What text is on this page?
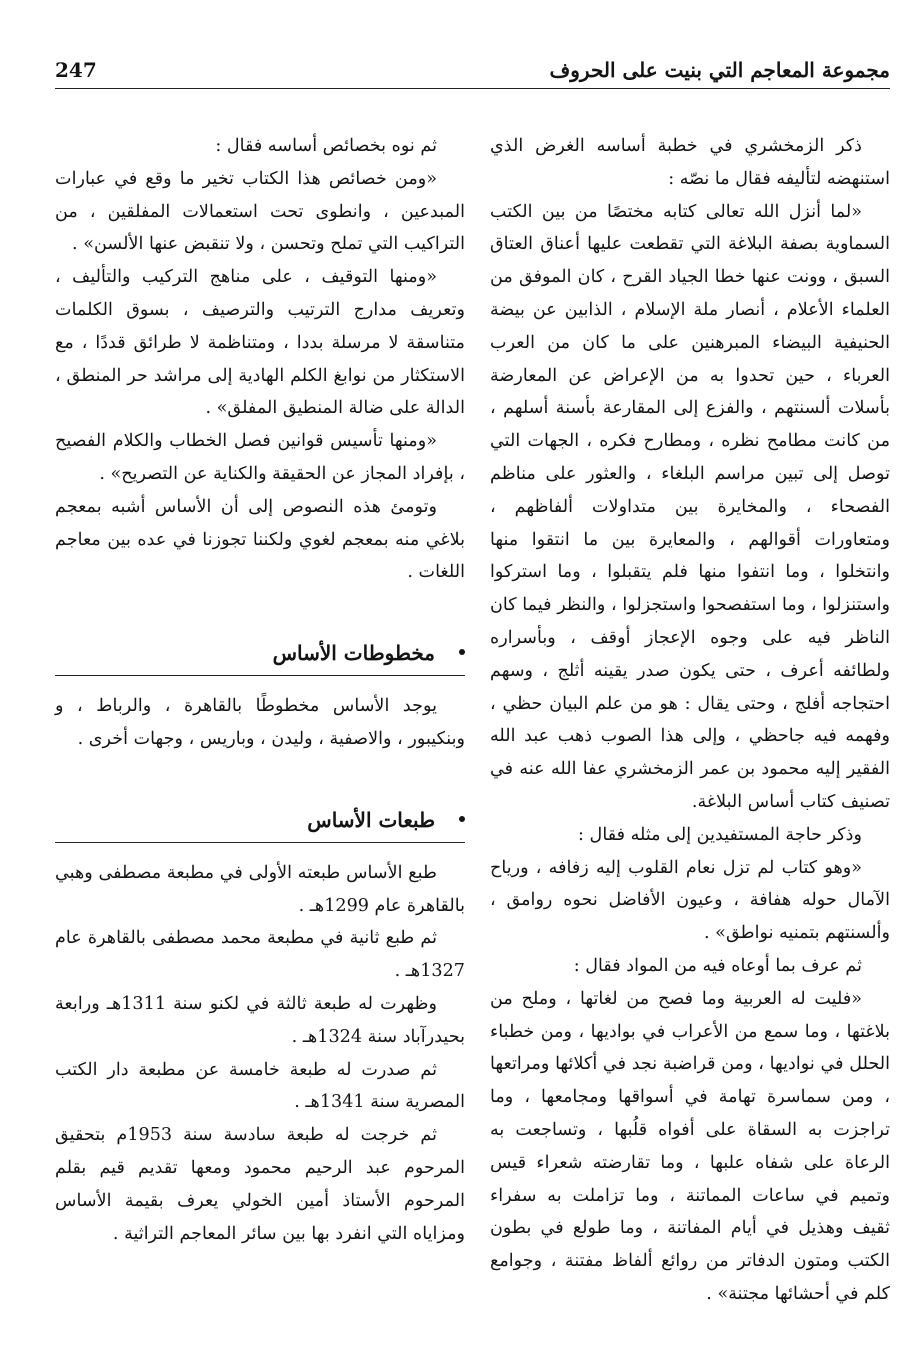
مجموعة المعاجم التي بنيت على الحروف
247

ذكر الزمخشري في خطبة أساسه الغرض الذي استنهضه لتأليفه فقال ما نصّه :

«لما أنزل الله تعالى كتابه مختصًا من بين الكتب السماوية بصفة البلاغة التي تقطعت عليها أعناق العتاق السبق ، وونت عنها خطا الجياد القرح ، كان الموفق من العلماء الأعلام ، أنصار ملة الإسلام ، الذابين عن بيضة الحنيفية البيضاء المبرهنين على ما كان من العرب العرباء ، حين تحدوا به من الإعراض عن المعارضة بأسلات ألسنتهم ، والفزع إلى المقارعة بأسنة أسلهم ، من كانت مطامح نظره ، ومطارح فكره ، الجهات التي توصل إلى تبين مراسم البلغاء ، والعثور على مناظم الفصحاء ، والمخايرة بين متداولات ألفاظهم ، ومتعاورات أقوالهم ، والمعايرة بين ما انتقوا منها وانتخلوا ، وما انتفوا منها فلم يتقبلوا ، وما استركوا واستنزلوا ، وما استفصحوا واستجزلوا ، والنظر فيما كان الناظر فيه على وجوه الإعجاز أوقف ، وبأسراره ولطائفه أعرف ، حتى يكون صدر يقينه أثلج ، وسهم احتجاجه أفلج ، وحتى يقال : هو من علم البيان حظي ، وفهمه فيه جاحظي ، وإلى هذا الصوب ذهب عبد الله الفقير إليه محمود بن عمر الزمخشري عفا الله عنه في تصنيف كتاب أساس البلاغة.

وذكر حاجة المستفيدين إلى مثله فقال :

«وهو كتاب لم تزل نعام القلوب إليه زفافه ، ورياح الآمال حوله هفافة ، وعيون الأفاضل نحوه روامق ، وألسنتهم بتمنيه نواطق» .

ثم عرف بما أوعاه فيه من المواد فقال :

«فليت له العربية وما فصح من لغاتها ، وملح من بلاغتها ، وما سمع من الأعراب في بواديها ، ومن خطباء الحلل في نواديها ، ومن قراضبة نجد في أكلائها ومراتعها ، ومن سماسرة تهامة في أسواقها ومجامعها ، وما تراجزت به السقاة على أفواه قلُبها ، وتساجعت به الرعاة على شفاه علبها ، وما تقارضته شعراء قيس وتميم في ساعات المماتنة ، وما تزاملت به سفراء ثقيف وهذيل في أيام المفاتنة ، وما طولع في بطون الكتب ومتون الدفاتر من روائع ألفاظ مفتنة ، وجوامع كلم في أحشائها مجتنة» .

ثم نوه بخصائص أساسه فقال :

«ومن خصائص هذا الكتاب تخير ما وقع في عبارات المبدعين ، وانطوى تحت استعمالات المفلقين ، من التراكيب التي تملح وتحسن ، ولا تنقبض عنها الألسن» .

«ومنها التوقيف ، على مناهج التركيب والتأليف ، وتعريف مدارج الترتيب والترصيف ، بسوق الكلمات متناسقة لا مرسلة بددا ، ومتناظمة لا طرائق قددًا ، مع الاستكثار من نوابغ الكلم الهادية إلى مراشد حر المنطق ، الدالة على ضالة المنطيق المفلق» .

«ومنها تأسيس قوانين فصل الخطاب والكلام الفصيح ، بإفراد المجاز عن الحقيقة والكناية عن التصريح» .

وتومئ هذه النصوص إلى أن الأساس أشبه بمعجم بلاغي منه بمعجم لغوي ولكننا تجوزنا في عده بين معاجم اللغات .

مخطوطات الأساس

يوجد الأساس مخطوطًا بالقاهرة ، والرباط ، و وبنكيبور ، والاصفية ، وليدن ، وباريس ، وجهات أخرى .

طبعات الأساس

طبع الأساس طبعته الأولى في مطبعة مصطفى وهبي بالقاهرة عام 1299هـ .

ثم طبع ثانية في مطبعة محمد مصطفى بالقاهرة عام 1327هـ .

وظهرت له طبعة ثالثة في لكنو سنة 1311هـ ورابعة بحيدرآباد سنة 1324هـ .

ثم صدرت له طبعة خامسة عن مطبعة دار الكتب المصرية سنة 1341هـ .

ثم خرجت له طبعة سادسة سنة 1953م بتحقيق المرحوم عبد الرحيم محمود ومعها تقديم قيم بقلم المرحوم الأستاذ أمين الخولي يعرف بقيمة الأساس ومزاياه التي انفرد بها بين سائر المعاجم التراثية .
